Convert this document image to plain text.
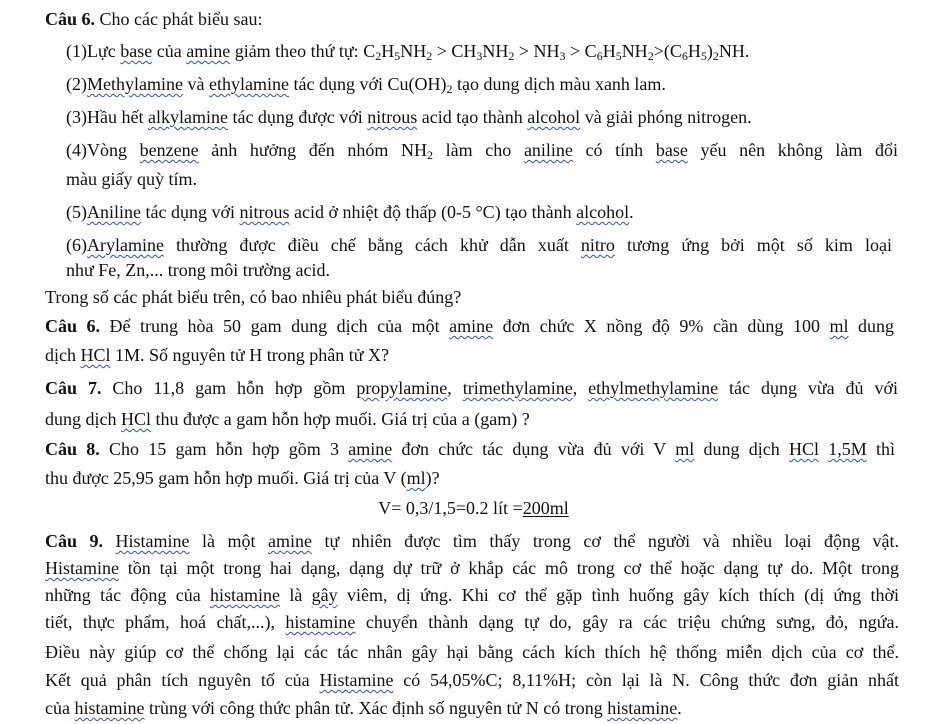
Câu 6. Cho các phát biểu sau:
(1)Lực base của amine giảm theo thứ tự: $C_2H_5NH_2 > CH_3NH_2 > NH_3 > C_6H_5NH_2>(C_6H_5)_2NH$.
(2)Methylamine và ethylamine tác dụng với $Cu(OH)_2$ tạo dung dịch màu xanh lam.
(3)Hầu hết alkylamine tác dụng được với nitrous acid tạo thành alcohol và giải phóng nitrogen.
(4)Vòng benzene ảnh hưởng đến nhóm $NH_2$ làm cho aniline có tính base yếu nên không làm đổi
màu giấy quỳ tím.
(5)Aniline tác dụng với nitrous acid ở nhiệt độ thấp (0-5 °C) tạo thành alcohol.
(6)Arylamine thường được điều chế bằng cách khử dẫn xuất nitro tương ứng bởi một số kim loại
như Fe, Zn,... trong môi trường acid.
Trong số các phát biểu trên, có bao nhiêu phát biểu đúng?
Câu 6. Để trung hòa 50 gam dung dịch của một amine đơn chức X nồng độ 9% cần dùng 100 ml dung
dịch HCl 1M. Số nguyên tử H trong phân tử X?
Câu 7. Cho 11,8 gam hỗn hợp gồm propylamine, trimethylamine, ethylmethylamine tác dụng vừa đủ với
dung dịch HCl thu được a gam hỗn hợp muối. Giá trị của a (gam) ?
Câu 8. Cho 15 gam hỗn hợp gồm 3 amine đơn chức tác dụng vừa đủ với V ml dung dịch HCl 1,5M thì
thu được 25,95 gam hỗn hợp muối. Giá trị của V (ml)?
V= 0,3/1,5=0.2 lít =200ml
Câu 9. Histamine là một amine tự nhiên được tìm thấy trong cơ thể người và nhiều loại động vật.
Histamine tồn tại một trong hai dạng, dạng dự trữ ở khắp các mô trong cơ thể hoặc dạng tự do. Một trong
những tác động của histamine là gây viêm, dị ứng. Khi cơ thể gặp tình huống gây kích thích (dị ứng thời
tiết, thực phẩm, hoá chất,...), histamine chuyển thành dạng tự do, gây ra các triệu chứng sưng, đỏ, ngứa.
Điều này giúp cơ thể chống lại các tác nhân gây hại bằng cách kích thích hệ thống miễn dịch của cơ thể.
Kết quả phân tích nguyên tố của Histamine có 54,05%C; 8,11%H; còn lại là N. Công thức đơn giản nhất
của histamine trùng với công thức phân tử. Xác định số nguyên tử N có trong histamine.
